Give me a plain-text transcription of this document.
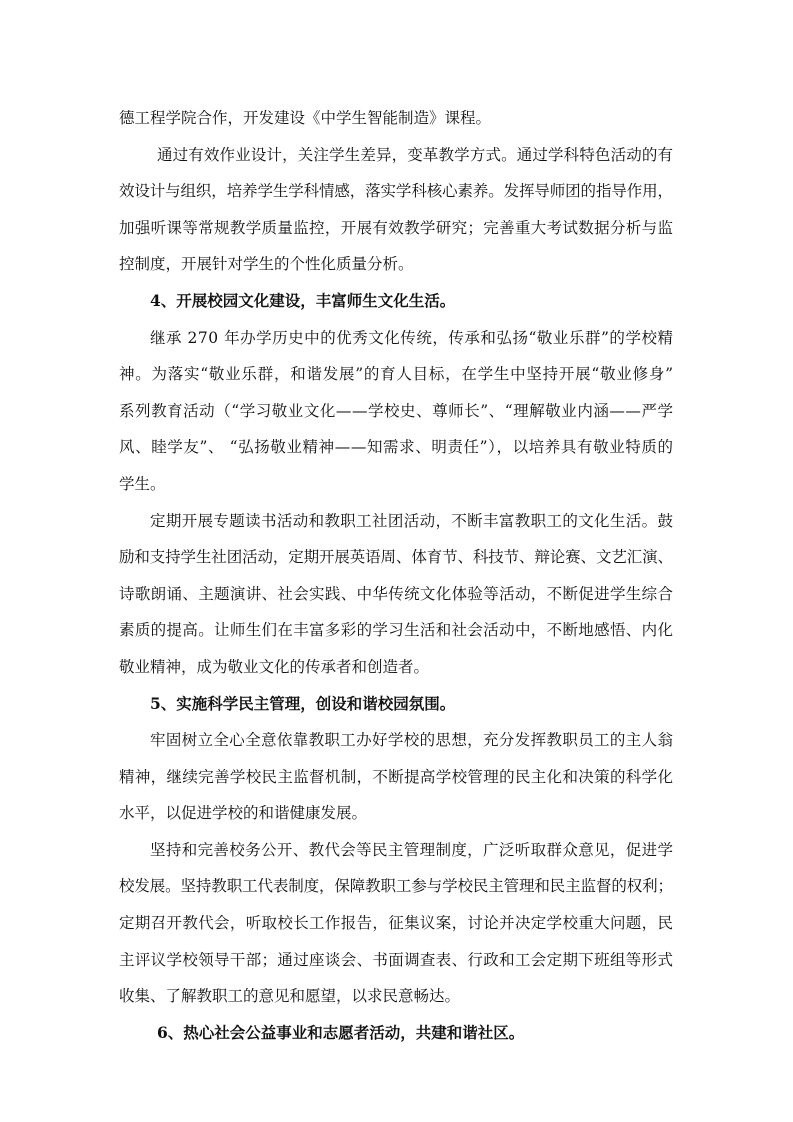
德工程学院合作，开发建设《中学生智能制造》课程。
通过有效作业设计，关注学生差异，变革教学方式。通过学科特色活动的有
效设计与组织，培养学生学科情感，落实学科核心素养。发挥导师团的指导作用，
加强听课等常规教学质量监控，开展有效教学研究；完善重大考试数据分析与监
控制度，开展针对学生的个性化质量分析。
4、开展校园文化建设，丰富师生文化生活。
继承 270 年办学历史中的优秀文化传统，传承和弘扬“敬业乐群”的学校精
神。为落实“敬业乐群，和谐发展”的育人目标，在学生中坚持开展“敬业修身”
系列教育活动（“学习敬业文化——学校史、尊师长”、“理解敬业内涵——严学
风、睦学友”、 “弘扬敬业精神——知需求、明责任”），以培养具有敬业特质的
学生。
定期开展专题读书活动和教职工社团活动，不断丰富教职工的文化生活。鼓
励和支持学生社团活动，定期开展英语周、体育节、科技节、辩论赛、文艺汇演、
诗歌朗诵、主题演讲、社会实践、中华传统文化体验等活动，不断促进学生综合
素质的提高。让师生们在丰富多彩的学习生活和社会活动中，不断地感悟、内化
敬业精神，成为敬业文化的传承者和创造者。
5、实施科学民主管理，创设和谐校园氛围。
牢固树立全心全意依靠教职工办好学校的思想，充分发挥教职员工的主人翁
精神，继续完善学校民主监督机制，不断提高学校管理的民主化和决策的科学化
水平，以促进学校的和谐健康发展。
坚持和完善校务公开、教代会等民主管理制度，广泛听取群众意见，促进学
校发展。坚持教职工代表制度，保障教职工参与学校民主管理和民主监督的权利；
定期召开教代会，听取校长工作报告，征集议案，讨论并决定学校重大问题，民
主评议学校领导干部；通过座谈会、书面调查表、行政和工会定期下班组等形式
收集、了解教职工的意见和愿望，以求民意畅达。
6、热心社会公益事业和志愿者活动，共建和谐社区。
